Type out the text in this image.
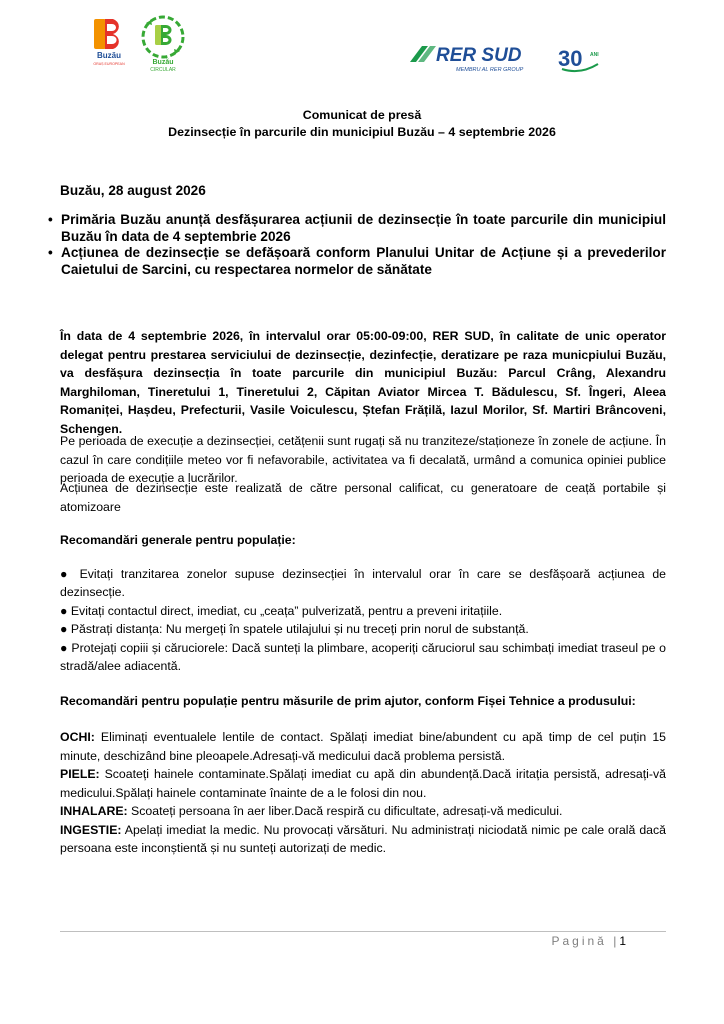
Buzău
ORAȘ EUROPEAN	Buzău
CIRCULAR
RER SUD
MEMBRU AL RER GROUP 30 ANI
Comunicat de presă
Dezinsecție în parcurile din municipiul Buzău – 4 septembrie 2026
Buzău, 28 august 2026
• Primăria Buzău anunță desfășurarea acțiunii de dezinsecție în toate parcurile din municipiul Buzău în data de 4 septembrie 2026
• Acțiunea de dezinsecție se defășoară conform Planului Unitar de Acțiune și a prevederilor Caietului de Sarcini, cu respectarea normelor de sănătate
În data de 4 septembrie 2026, în intervalul orar 05:00-09:00, RER SUD, în calitate de unic operator delegat pentru prestarea serviciului de dezinsecție, dezinfecție, deratizare pe raza municpiului Buzău, va desfășura dezinsecția în toate parcurile din municipiul Buzău: Parcul Crâng, Alexandru Marghiloman, Tineretului 1, Tineretului 2, Căpitan Aviator Mircea T. Bădulescu, Sf. Îngeri, Aleea Romaniței, Hașdeu, Prefecturii, Vasile Voiculescu, Ștefan Frățilă, Iazul Morilor, Sf. Martiri Brâncoveni, Schengen.
Pe perioada de execuție a dezinsecției, cetățenii sunt rugați să nu tranziteze/staționeze în zonele de acțiune. În cazul în care condițiile meteo vor fi nefavorabile, activitatea va fi decalată, urmând a comunica opiniei publice perioada de execuție a lucrărilor.
Acțiunea de dezinsecție este realizată de către personal calificat, cu generatoare de ceață portabile și atomizoare
Recomandări generale pentru populație:
● Evitați tranzitarea zonelor supuse dezinsecției în intervalul orar în care se desfășoară acțiunea de dezinsecție.
● Evitați contactul direct, imediat, cu „ceața” pulverizată, pentru a preveni iritațiile.
● Păstrați distanța: Nu mergeți în spatele utilajului și nu treceți prin norul de substanță.
● Protejați copiii și căruciorele: Dacă sunteți la plimbare, acoperiți căruciorul sau schimbați imediat traseul pe o stradă/alee adiacentă.
Recomandări pentru populație pentru măsurile de prim ajutor, conform Fișei Tehnice a produsului:

OCHI: Eliminați eventualele lentile de contact. Spălați imediat bine/abundent cu apă timp de cel puțin 15 minute, deschizând bine pleoapele.Adresați-vă medicului dacă problema persistă.

PIELE: Scoateți hainele contaminate.Spălați imediat cu apă din abundență.Dacă iritația persistă, adresați-vă medicului.Spălați hainele contaminate înainte de a le folosi din nou.

INHALARE: Scoateți persoana în aer liber.Dacă respiră cu dificultate, adresați-vă medicului.

INGESTIE: Apelați imediat la medic. Nu provocați vărsături. Nu administrați niciodată nimic pe cale orală dacă persoana este inconștientă și nu sunteți autorizați de medic.

Pagină |1
